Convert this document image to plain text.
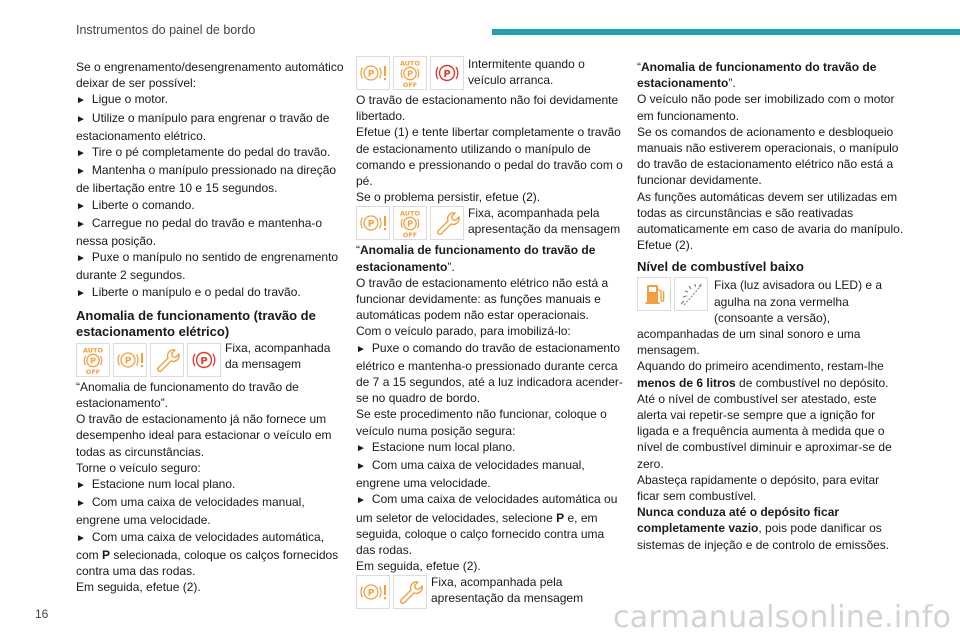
Instrumentos do painel de bordo

Se o engrenamento/desengrenamento automático deixar de ser possível:

► Ligue o motor.

► Utilize o manípulo para engrenar o travão de estacionamento elétrico.

► Tire o pé completamente do pedal do travão.

► Mantenha o manípulo pressionado na direção de libertação entre 10 e 15 segundos.

► Liberte o comando.

► Carregue no pedal do travão e mantenha-o nessa posição.

► Puxe o manípulo no sentido de engrenamento durante 2 segundos.

► Liberte o manípulo e o pedal do travão.

Anomalia de funcionamento (travão de estacionamento elétrico)

Fixa, acompanhada da mensagem

“Anomalia de funcionamento do travão de estacionamento”.

O travão de estacionamento já não fornece um desempenho ideal para estacionar o veículo em todas as circunstâncias.

Torne o veículo seguro:

► Estacione num local plano.

► Com uma caixa de velocidades manual, engrene uma velocidade.

► Com uma caixa de velocidades automática, com P selecionada, coloque os calços fornecidos contra uma das rodas.

Em seguida, efetue (2).

Intermitente quando o veículo arranca.

O travão de estacionamento não foi devidamente libertado.

Efetue (1) e tente libertar completamente o travão de estacionamento utilizando o manípulo de comando e pressionando o pedal do travão com o pé.

Se o problema persistir, efetue (2).

Fixa, acompanhada pela apresentação da mensagem

“Anomalia de funcionamento do travão de estacionamento”.

O travão de estacionamento elétrico não está a funcionar devidamente: as funções manuais e automáticas podem não estar operacionais.

Com o veículo parado, para imobilizá-lo:

► Puxe o comando do travão de estacionamento elétrico e mantenha-o pressionado durante cerca de 7 a 15 segundos, até a luz indicadora acender-se no quadro de bordo.

Se este procedimento não funcionar, coloque o veículo numa posição segura:

► Estacione num local plano.

► Com uma caixa de velocidades manual, engrene uma velocidade.

► Com uma caixa de velocidades automática ou um seletor de velocidades, selecione P e, em seguida, coloque o calço fornecido contra uma das rodas.

Em seguida, efetue (2).

Fixa, acompanhada pela apresentação da mensagem

“Anomalia de funcionamento do travão de estacionamento”.

O veículo não pode ser imobilizado com o motor em funcionamento.

Se os comandos de acionamento e desbloqueio manuais não estiverem operacionais, o manípulo do travão de estacionamento elétrico não está a funcionar devidamente.

As funções automáticas devem ser utilizadas em todas as circunstâncias e são reativadas automaticamente em caso de avaria do manípulo.

Efetue (2).

Nível de combustível baixo

Fixa (luz avisadora ou LED) e a agulha na zona vermelha (consoante a versão), acompanhadas de um sinal sonoro e uma mensagem.

Aquando do primeiro acendimento, restam-lhe menos de 6 litros de combustível no depósito.

Até o nível de combustível ser atestado, este alerta vai repetir-se sempre que a ignição for ligada e a frequência aumenta à medida que o nível de combustível diminuir e aproximar-se de zero.

Abasteça rapidamente o depósito, para evitar ficar sem combustível.

Nunca conduza até o depósito ficar completamente vazio, pois pode danificar os sistemas de injeção e de controlo de emissões.

16	carmanualsonline.info
